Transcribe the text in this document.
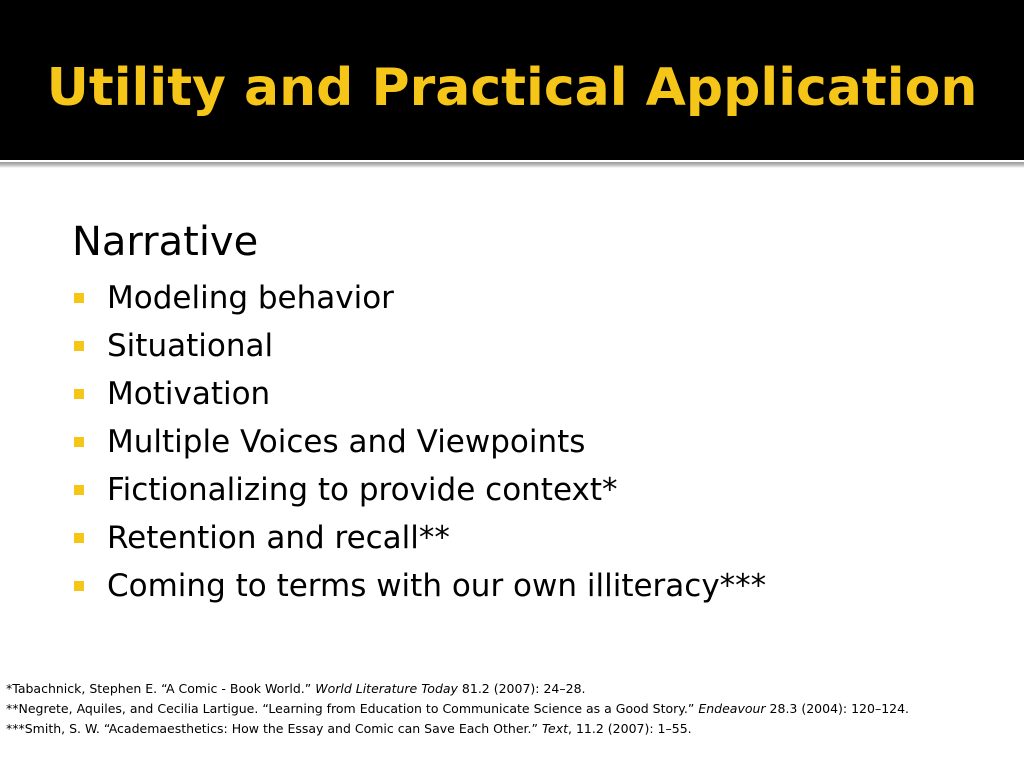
Utility and Practical Application
Narrative
Modeling behavior
Situational
Motivation
Multiple Voices and Viewpoints
Fictionalizing to provide context*
Retention and recall**
Coming to terms with our own illiteracy***
*Tabachnick, Stephen E. “A Comic - Book World.” World Literature Today 81.2 (2007): 24–28.
**Negrete, Aquiles, and Cecilia Lartigue. “Learning from Education to Communicate Science as a Good Story.” Endeavour 28.3 (2004): 120–124.
***Smith, S. W. “Academaesthetics: How the Essay and Comic can Save Each Other.” Text, 11.2 (2007): 1–55.
